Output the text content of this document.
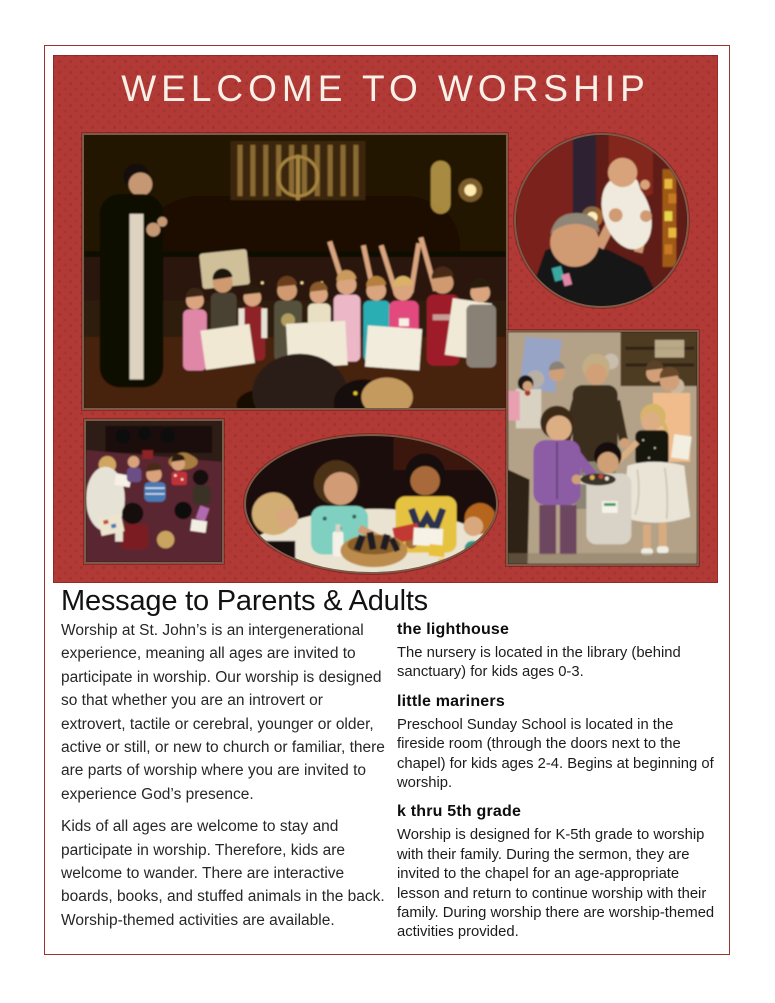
WELCOME TO WORSHIP
Message to Parents & Adults

Worship at St. John’s is an intergenerational experience, meaning all ages are invited to participate in worship. Our worship is designed so that whether you are an introvert or extrovert, tactile or cerebral, younger or older, active or still, or new to church or familiar, there are parts of worship where you are invited to experience God’s presence.

Kids of all ages are welcome to stay and participate in worship. Therefore, kids are welcome to wander. There are interactive boards, books, and stuffed animals in the back. Worship-themed activities are available.

the lighthouse

The nursery is located in the library (behind sanctuary) for kids ages 0-3.

little mariners

Preschool Sunday School is located in the fireside room (through the doors next to the chapel) for kids ages 2-4. Begins at beginning of worship.

k thru 5th grade

Worship is designed for K-5th grade to worship with their family. During the sermon, they are invited to the chapel for an age-appropriate lesson and return to continue worship with their family. During worship there are worship-themed activities provided.
